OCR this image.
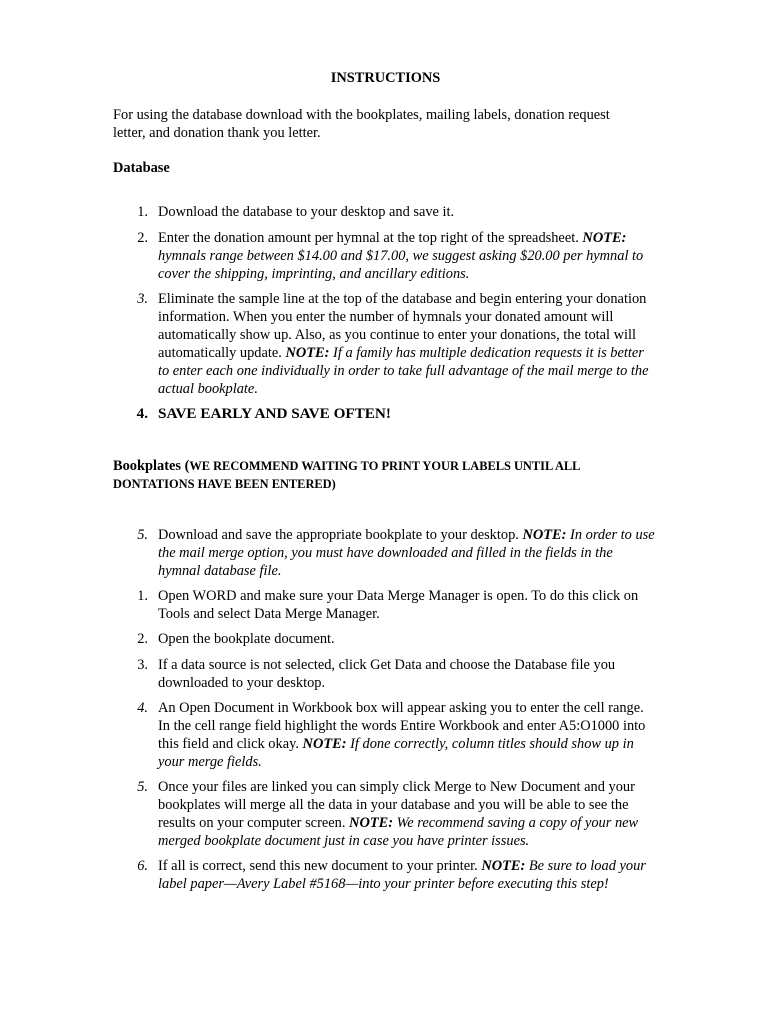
INSTRUCTIONS
For using the database download with the bookplates, mailing labels, donation request letter, and donation thank you letter.
Database
1. Download the database to your desktop and save it.
2. Enter the donation amount per hymnal at the top right of the spreadsheet. NOTE: hymnals range between $14.00 and $17.00, we suggest asking $20.00 per hymnal to cover the shipping, imprinting, and ancillary editions.
3. Eliminate the sample line at the top of the database and begin entering your donation information. When you enter the number of hymnals your donated amount will automatically show up. Also, as you continue to enter your donations, the total will automatically update. NOTE: If a family has multiple dedication requests it is better to enter each one individually in order to take full advantage of the mail merge to the actual bookplate.
4. SAVE EARLY AND SAVE OFTEN!
Bookplates (WE RECOMMEND WAITING TO PRINT YOUR LABELS UNTIL ALL DONTATIONS HAVE BEEN ENTERED)
5. Download and save the appropriate bookplate to your desktop. NOTE: In order to use the mail merge option, you must have downloaded and filled in the fields in the hymnal database file.
1. Open WORD and make sure your Data Merge Manager is open. To do this click on Tools and select Data Merge Manager.
2. Open the bookplate document.
3. If a data source is not selected, click Get Data and choose the Database file you downloaded to your desktop.
4. An Open Document in Workbook box will appear asking you to enter the cell range. In the cell range field highlight the words Entire Workbook and enter A5:O1000 into this field and click okay. NOTE: If done correctly, column titles should show up in your merge fields.
5. Once your files are linked you can simply click Merge to New Document and your bookplates will merge all the data in your database and you will be able to see the results on your computer screen. NOTE: We recommend saving a copy of your new merged bookplate document just in case you have printer issues.
6. If all is correct, send this new document to your printer. NOTE: Be sure to load your label paper—Avery Label #5168—into your printer before executing this step!
